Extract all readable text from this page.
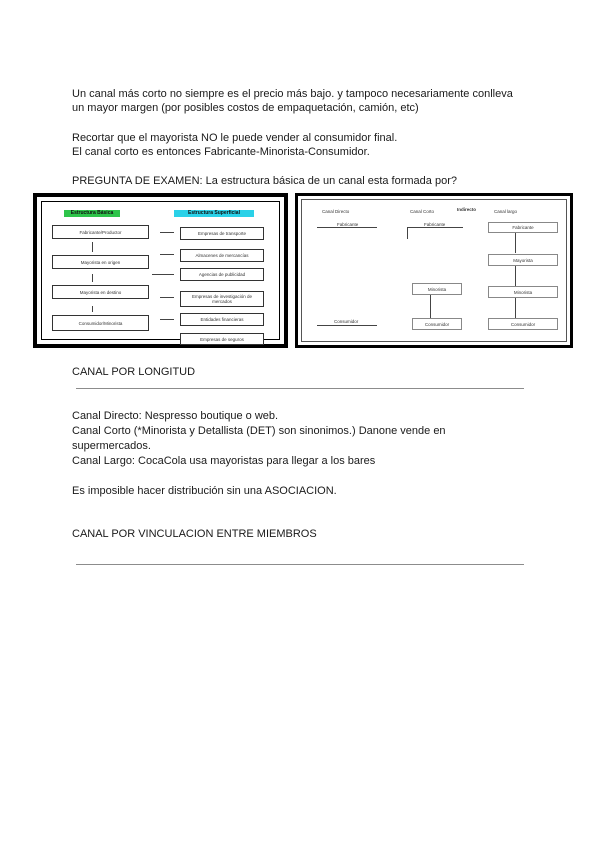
Un canal más corto no siempre es el precio más bajo. y tampoco necesariamente conlleva

un mayor margen (por posibles costos de empaquetación, camión, etc)

Recortar que el mayorista NO le puede vender al consumidor final.

El canal corto es entonces Fabricante-Minorista-Consumidor.

PREGUNTA DE EXAMEN: La estructura básica de un canal esta formada por?

Estructura Básica	Estructura Superficial
Fabricante/Productor
Mayorista en origen
Mayorista en destino
Consumidor/Minorista
Empresas de transporte
Almacenes de mercancías
Agencias de publicidad
Empresas de investigación de mercados
Entidades financieras
Empresas de seguros
Canal Directo	Canal Corto	Indirecto	Canal largo
Fabricante
Consumidor
Fabricante
Minorista
Consumidor
Fabricante
Mayorista
Minorista
Consumidor

CANAL POR LONGITUD

Canal Directo: Nespresso boutique o web.

Canal Corto (*Minorista y Detallista (DET) son sinonimos.) Danone vende en

supermercados.

Canal Largo: CocaCola usa mayoristas para llegar a los bares

Es imposible hacer distribución sin una ASOCIACION.

CANAL POR VINCULACION ENTRE MIEMBROS
